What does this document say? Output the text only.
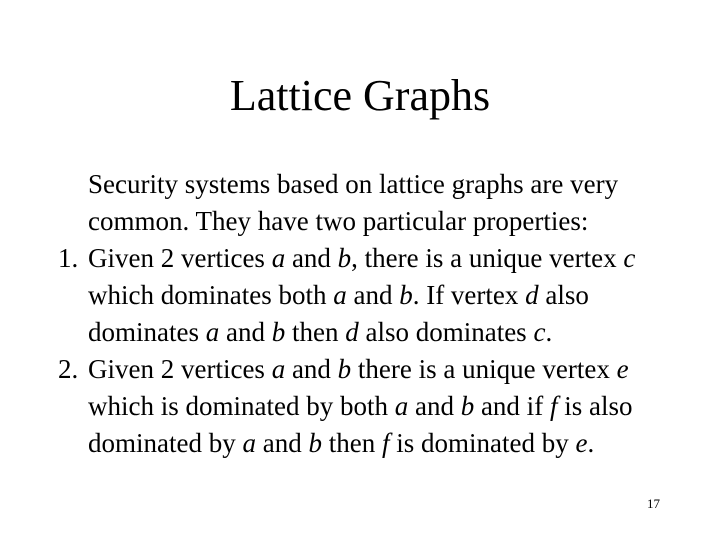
Lattice Graphs

Security systems based on lattice graphs are very common. They have two particular properties:

1. Given 2 vertices a and b, there is a unique vertex c which dominates both a and b. If vertex d also dominates a and b then d also dominates c.

2. Given 2 vertices a and b there is a unique vertex e which is dominated by both a and b and if f is also dominated by a and b then f is dominated by e.

17
